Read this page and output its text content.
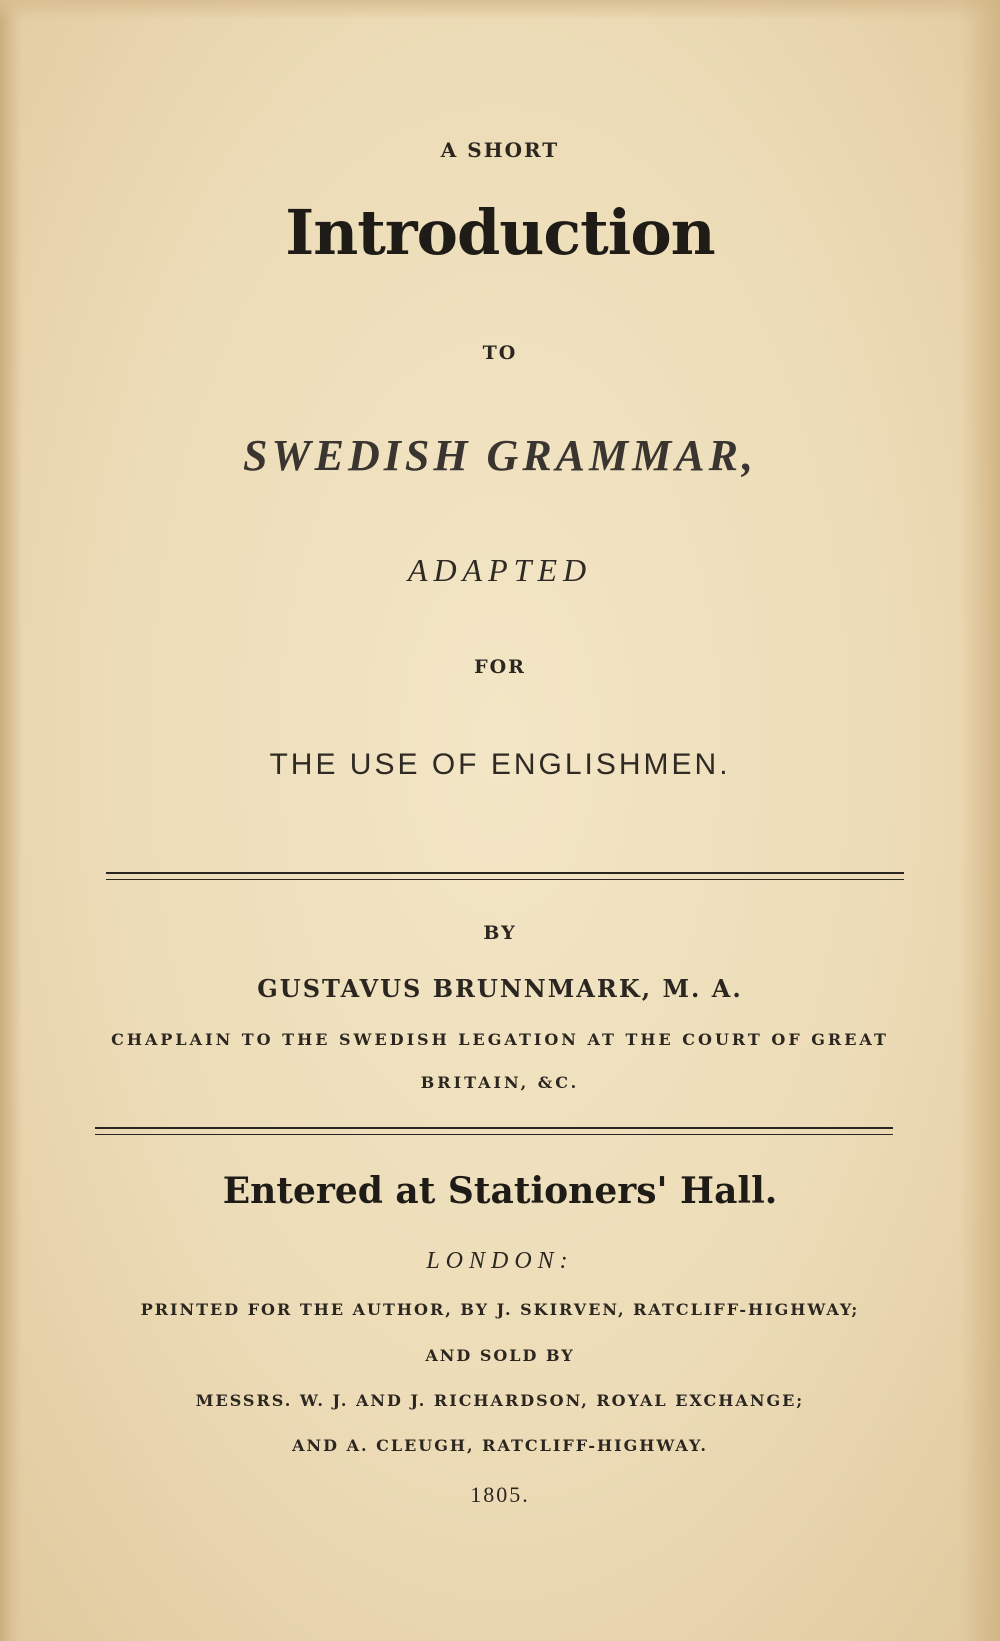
A SHORT
Introduction
TO
SWEDISH GRAMMAR,
ADAPTED
FOR
THE USE OF ENGLISHMEN.
BY
GUSTAVUS BRUNNMARK, M. A.
CHAPLAIN TO THE SWEDISH LEGATION AT THE COURT OF GREAT
BRITAIN, &C.
Entered at Stationers' Hall.
LONDON:
PRINTED FOR THE AUTHOR, BY J. SKIRVEN, RATCLIFF-HIGHWAY;
AND SOLD BY
MESSRS. W. J. AND J. RICHARDSON, ROYAL EXCHANGE;
AND A. CLEUGH, RATCLIFF-HIGHWAY.
1805.
